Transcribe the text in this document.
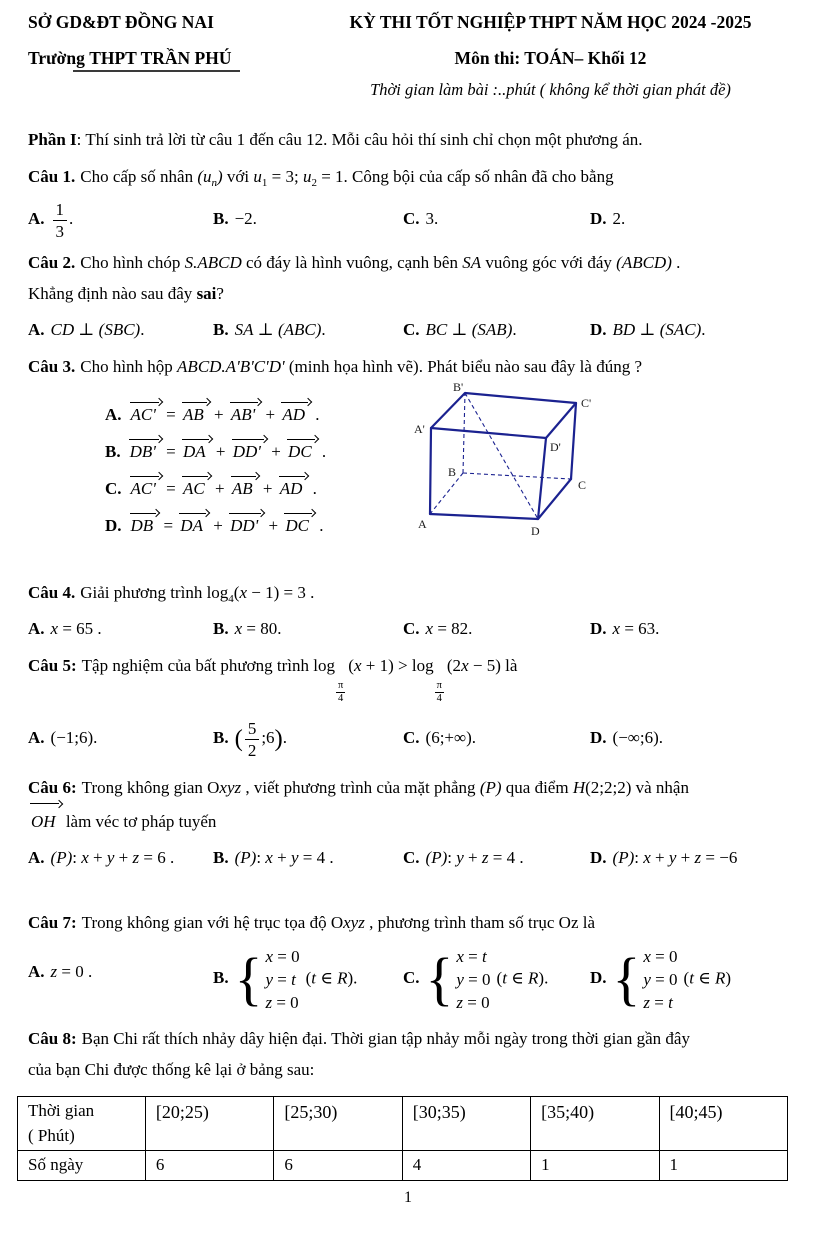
SỞ GD&ĐT ĐỒNG NAI
Trường THPT TRẦN PHÚ
KỲ THI TỐT NGHIỆP THPT NĂM HỌC 2024 -2025
Môn thi: TOÁN– Khối 12
Thời gian làm bài :..phút ( không kể thời gian phát đề)

Phần I: Thí sinh trả lời từ câu 1 đến câu 12. Mỗi câu hỏi thí sinh chỉ chọn một phương án.

Câu 1. Cho cấp số nhân $(u_n)$ với $u_1 = 3$; $u_2 = 1$. Công bội của cấp số nhân đã cho bằng

A. $\frac{1}{3}$ .	B. −2.	C. 3.	D. 2.

Câu 2. Cho hình chóp S.ABCD có đáy là hình vuông, cạnh bên SA vuông góc với đáy (ABCD) .
Khẳng định nào sau đây sai?

A. CD ⊥ (SBC).	B. SA ⊥ (ABC).	C. BC ⊥ (SAB).	D. BD ⊥ (SAC).

Câu 3. Cho hình hộp ABCD.A'B'C'D' (minh họa hình vẽ). Phát biểu nào sau đây là đúng ?

A. AC' = AB + AB' + AD .
B. DB' = DA + DD' + DC .
C. AC' = AC + AB + AD .
D. DB = DA + DD' + DC .
B'
C'
A'
D'
B
C
A	D

Câu 4. Giải phương trình $\log_4(x - 1) = 3$ .

A. x = 65 .	B. x = 80.	C. x = 82.	D. x = 63.

Câu 5: Tập nghiệm của bất phương trình log
$\frac{\pi}{4}$
(x + 1) > log
$\frac{\pi}{4}$
(2x − 5) là

A. (−1;6).	B. ( $\frac{5}{2}$ ;6).	C. (6;+∞).	D. (−∞;6).

Câu 6: Trong không gian Oxyz , viết phương trình của mặt phẳng (P) qua điểm H(2;2;2) và nhận
OH làm véc tơ pháp tuyến

A. (P): x + y + z = 6 .	B. (P): x + y = 4 .	C. (P): y + z = 4 .	D. (P): x + y + z = −6

Câu 7: Trong không gian với hệ trục tọa độ Oxyz , phương trình tham số trục Oz là

A. z = 0 .	B. { x = 0
y = t
z = 0
(t ∈ R).	C. { x = t
y = 0
z = 0
(t ∈ R).	D. { x = 0
y = 0
z = t
(t ∈ R)

Câu 8: Bạn Chi rất thích nhảy dây hiện đại. Thời gian tập nhảy mỗi ngày trong thời gian gần đây
của bạn Chi được thống kê lại ở bảng sau:

Thời gian
( Phút)	[20;25)	[25;30)	[30;35)	[35;40)	[40;45)
Số ngày	6	6	4	1	1
1
